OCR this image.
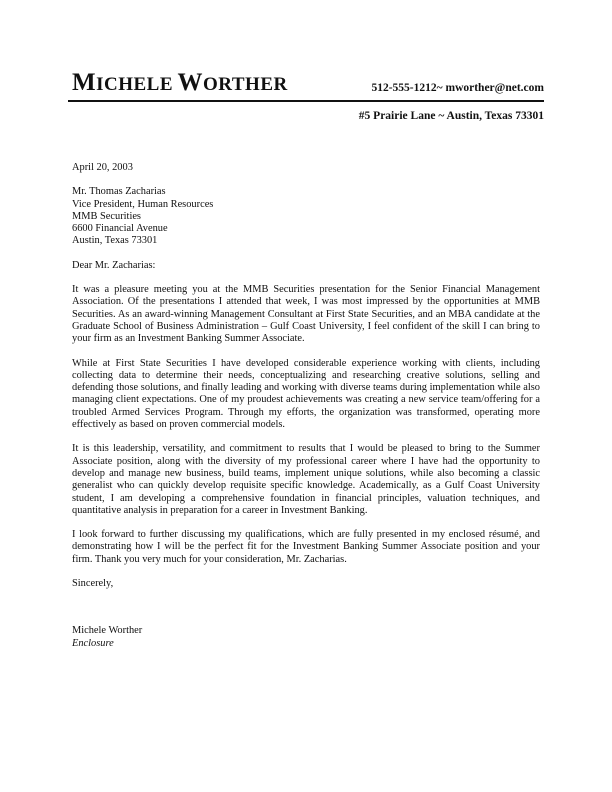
MICHELE WORTHER	512-555-1212~ mworther@net.com
#5 Prairie Lane ~ Austin, Texas 73301
April 20, 2003
Mr. Thomas Zacharias
Vice President, Human Resources
MMB Securities
6600 Financial Avenue
Austin, Texas 73301
Dear Mr. Zacharias:

It was a pleasure meeting you at the MMB Securities presentation for the Senior Financial Management Association. Of the presentations I attended that week, I was most impressed by the opportunities at MMB Securities. As an award-winning Management Consultant at First State Securities, and an MBA candidate at the Graduate School of Business Administration – Gulf Coast University, I feel confident of the skill I can bring to your firm as an Investment Banking Summer Associate.

While at First State Securities I have developed considerable experience working with clients, including collecting data to determine their needs, conceptualizing and researching creative solutions, selling and defending those solutions, and finally leading and working with diverse teams during implementation while also managing client expectations. One of my proudest achievements was creating a new service team/offering for a troubled Armed Services Program. Through my efforts, the organization was transformed, operating more effectively as based on proven commercial models.

It is this leadership, versatility, and commitment to results that I would be pleased to bring to the Summer Associate position, along with the diversity of my professional career where I have had the opportunity to develop and manage new business, build teams, implement unique solutions, while also becoming a classic generalist who can quickly develop requisite specific knowledge. Academically, as a Gulf Coast University student, I am developing a comprehensive foundation in financial principles, valuation techniques, and quantitative analysis in preparation for a career in Investment Banking.

I look forward to further discussing my qualifications, which are fully presented in my enclosed résumé, and demonstrating how I will be the perfect fit for the Investment Banking Summer Associate position and your firm. Thank you very much for your consideration, Mr. Zacharias.

Sincerely,
Michele Worther
Enclosure
